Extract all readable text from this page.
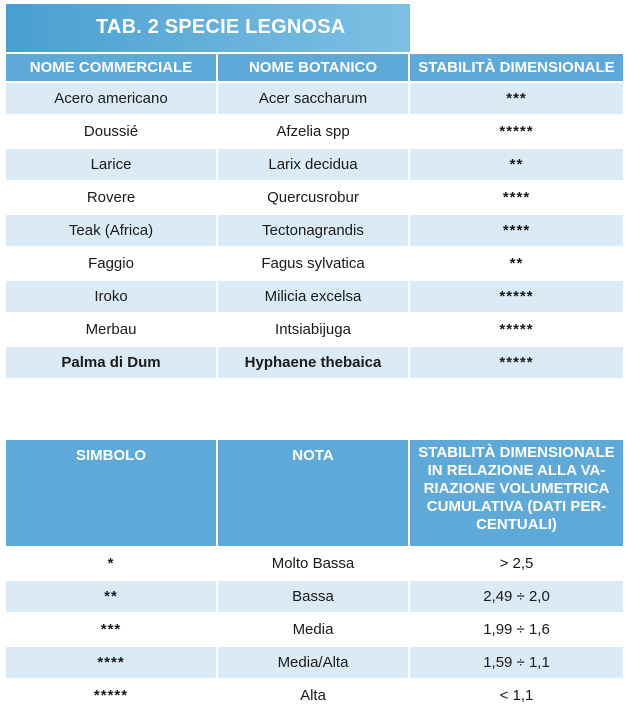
TAB. 2 SPECIE LEGNOSA
NOME COMMERCIALE	NOME BOTANICO	STABILITÀ DIMENSIONALE
Acero americano	Acer saccharum	***
Doussié	Afzelia spp	*****
Larice	Larix decidua	**
Rovere	Quercusrobur	****
Teak (Africa)	Tectonagrandis	****
Faggio	Fagus sylvatica	**
Iroko	Milicia excelsa	*****
Merbau	Intsiabijuga	*****
Palma di Dum	Hyphaene thebaica	*****
SIMBOLO	NOTA	STABILITÀ DIMENSIONALE
IN RELAZIONE ALLA VA-
RIAZIONE VOLUMETRICA
CUMULATIVA (DATI PER-
CENTUALI)

*	Molto Bassa	> 2,5
**	Bassa	2,49 ÷ 2,0
***	Media	1,99 ÷ 1,6
****	Media/Alta	1,59 ÷ 1,1
*****	Alta	< 1,1
